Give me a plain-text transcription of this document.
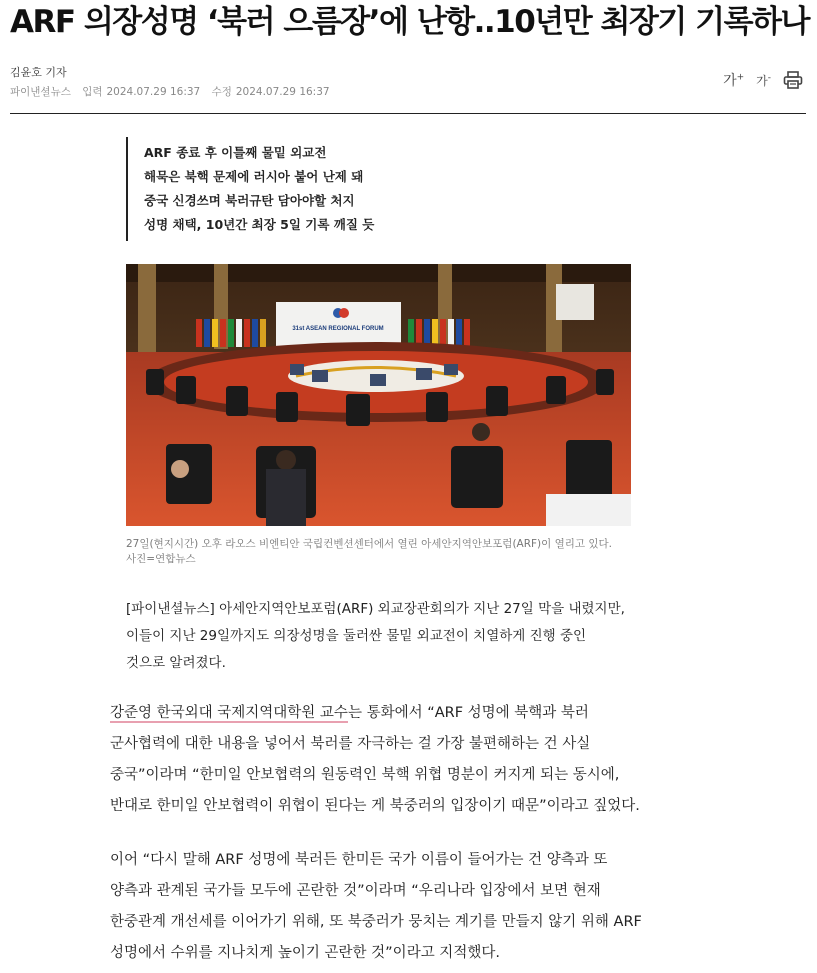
ARF 의장성명 ‘북러 으름장’에 난항..10년만 최장기 기록하나
김윤호 기자
파이낸셜뉴스 입력 2024.07.29 16:37 수정 2024.07.29 16:37
가+ 가-
ARF 종료 후 이틀째 물밑 외교전
해묵은 북핵 문제에 러시아 붙어 난제 돼
중국 신경쓰며 북러규탄 담아야할 처지
성명 채택, 10년간 최장 5일 기록 깨질 듯
31st ASEAN REGIONAL FORUM
27일(현지시간) 오후 라오스 비엔티안 국립컨벤션센터에서 열린 아세안지역안보포럼(ARF)이 열리고 있다.
사진=연합뉴스
[파이낸셜뉴스] 아세안지역안보포럼(ARF) 외교장관회의가 지난 27일 막을 내렸지만,
이들이 지난 29일까지도 의장성명을 둘러싼 물밑 외교전이 치열하게 진행 중인
것으로 알려졌다.

강준영 한국외대 국제지역대학원 교수는 통화에서 “ARF 성명에 북핵과 북러

군사협력에 대한 내용을 넣어서 북러를 자극하는 걸 가장 불편해하는 건 사실

중국”이라며 “한미일 안보협력의 원동력인 북핵 위협 명분이 커지게 되는 동시에,

반대로 한미일 안보협력이 위협이 된다는 게 북중러의 입장이기 때문”이라고 짚었다.

이어 “다시 말해 ARF 성명에 북러든 한미든 국가 이름이 들어가는 건 양측과 또

양측과 관계된 국가들 모두에 곤란한 것”이라며 “우리나라 입장에서 보면 현재

한중관계 개선세를 이어가기 위해, 또 북중러가 뭉치는 계기를 만들지 않기 위해 ARF

성명에서 수위를 지나치게 높이기 곤란한 것”이라고 지적했다.
